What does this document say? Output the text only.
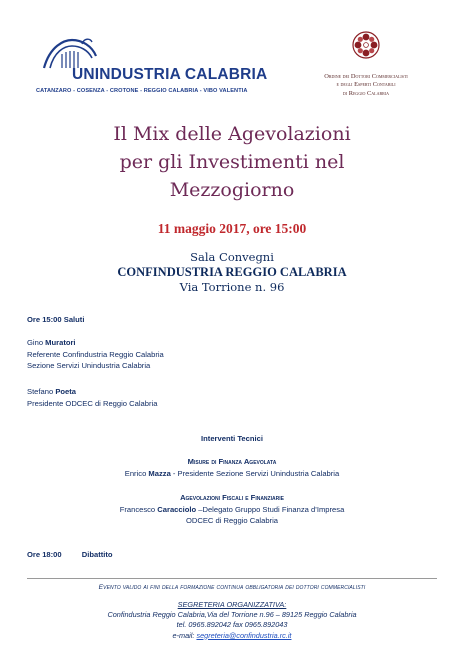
UNINDUSTRIA CALABRIA
CATANZARO - COSENZA - CROTONE - REGGIO CALABRIA - VIBO VALENTIA
Ordine dei Dottori Commercialisti
e degli Esperti Contabili
di Reggio Calabria
Il Mix delle Agevolazioni
per gli Investimenti nel
Mezzogiorno
11 maggio 2017, ore 15:00
Sala Convegni
CONFINDUSTRIA REGGIO CALABRIA
Via Torrione n. 96
Ore 15:00 Saluti
Gino Muratori
Referente Confindustria Reggio Calabria
Sezione Servizi Unindustria Calabria
Stefano Poeta
Presidente ODCEC di Reggio Calabria
Interventi Tecnici
Misure di Finanza Agevolata
Enrico Mazza - Presidente Sezione Servizi Unindustria Calabria
Agevolazioni Fiscali e Finanziarie
Francesco Caracciolo –Delegato Gruppo Studi Finanza d’Impresa
ODCEC di Reggio Calabria
Ore 18:00	Dibattito
Evento valido ai fini della formazione continua obbligatoria dei dottori commercialisti
SEGRETERIA ORGANIZZATIVA:
Confindustria Reggio Calabria,Via del Torrione n.96 – 89125 Reggio Calabria
tel. 0965.892042 fax 0965.892043
e-mail: segreteria@confindustria.rc.it
